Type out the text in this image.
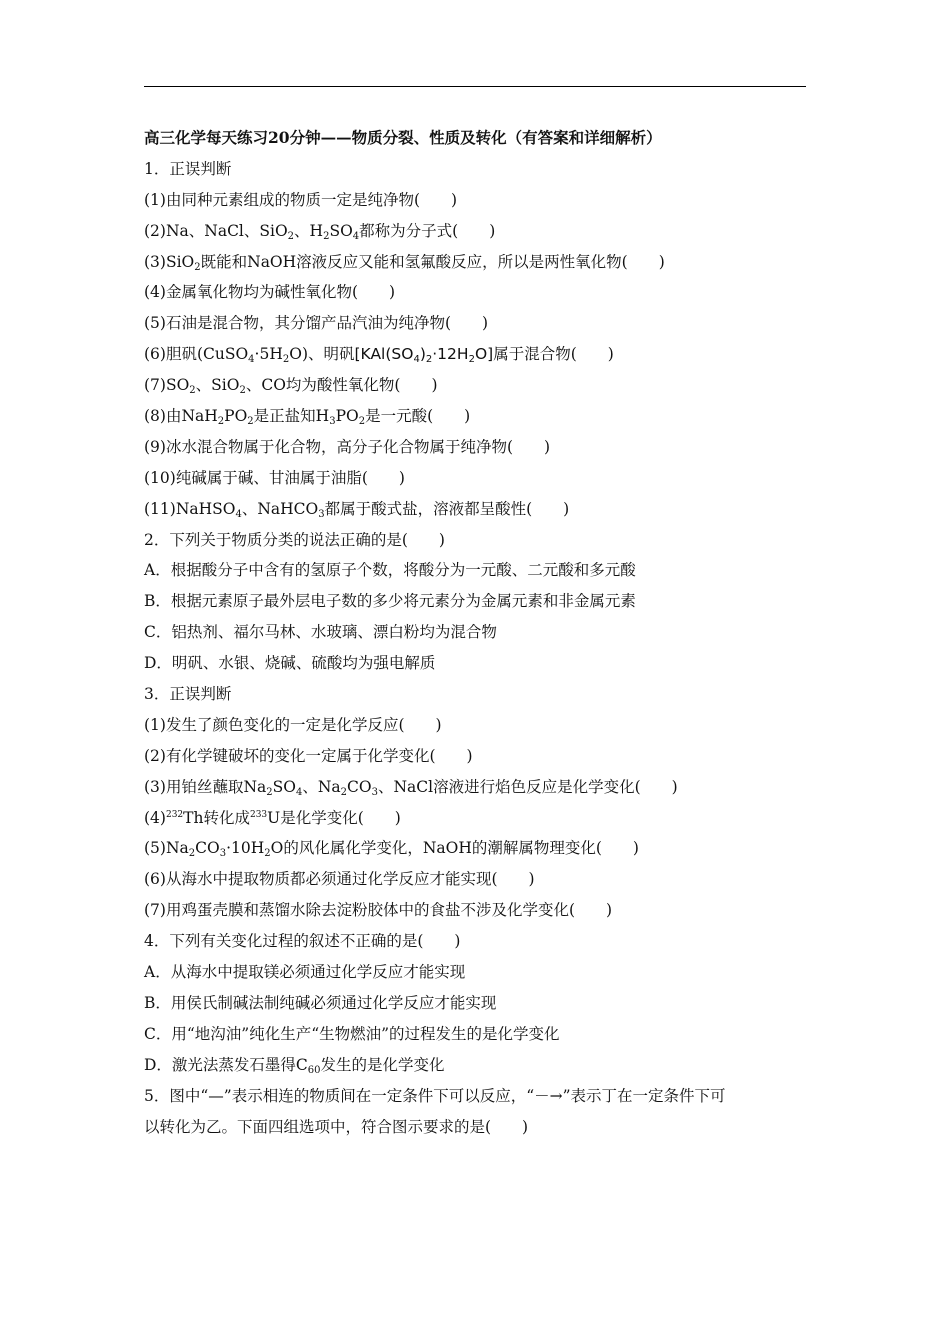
高三化学每天练习20分钟——物质分裂、性质及转化（有答案和详细解析）
1．正误判断
(1)由同种元素组成的物质一定是纯净物(　　)
(2)Na、NaCl、SiO$_2$、$H_2SO_4$都称为分子式(　　)
(3)SiO$_2$既能和NaOH溶液反应又能和氢氟酸反应，所以是两性氧化物(　　)
(4)金属氧化物均为碱性氧化物(　　)
(5)石油是混合物，其分馏产品汽油为纯净物(　　)
(6)胆矾$(CuSO_4\cdot 5H_2O)$、明矾$[KAl(SO_4)_2\cdot 12H_2O]$属于混合物(　　)
$(7)SO_2$、SiO$_2$、CO均为酸性氧化物(　　)
(8)由$NaH_2PO_2$是正盐知$H_3PO_2$是一元酸(　　)
(9)冰水混合物属于化合物，高分子化合物属于纯净物(　　)
(10)纯碱属于碱、甘油属于油脂(　　)
(11)NaHSO$_4$、NaHCO$_3$都属于酸式盐，溶液都呈酸性(　　)
2．下列关于物质分类的说法正确的是(　　)
A．根据酸分子中含有的氢原子个数，将酸分为一元酸、二元酸和多元酸
B．根据元素原子最外层电子数的多少将元素分为金属元素和非金属元素
C．铝热剂、福尔马林、水玻璃、漂白粉均为混合物
D．明矾、水银、烧碱、硫酸均为强电解质
3．正误判断
(1)发生了颜色变化的一定是化学反应(　　)
(2)有化学键破坏的变化一定属于化学变化(　　)
(3)用铂丝蘸取$Na_2SO_4$、$Na_2CO_3$、NaCl溶液进行焰色反应是化学变化(　　)
$(4)^{232}Th$转化成$^{233}$U是化学变化(　　)
$(5)Na_2CO_3\cdot 10H_2O$的风化属化学变化，NaOH的潮解属物理变化(　　)
(6)从海水中提取物质都必须通过化学反应才能实现(　　)
(7)用鸡蛋壳膜和蒸馏水除去淀粉胶体中的食盐不涉及化学变化(　　)
4．下列有关变化过程的叙述不正确的是(　　)
A．从海水中提取镁必须通过化学反应才能实现
B．用侯氏制碱法制纯碱必须通过化学反应才能实现
C．用“地沟油”纯化生产“生物燃油”的过程发生的是化学变化
D．激光法蒸发石墨得$C_{60}$发生的是化学变化
5．图中“—”表示相连的物质间在一定条件下可以反应，“－→”表示丁在一定条件下可
以转化为乙。下面四组选项中，符合图示要求的是(　　)
